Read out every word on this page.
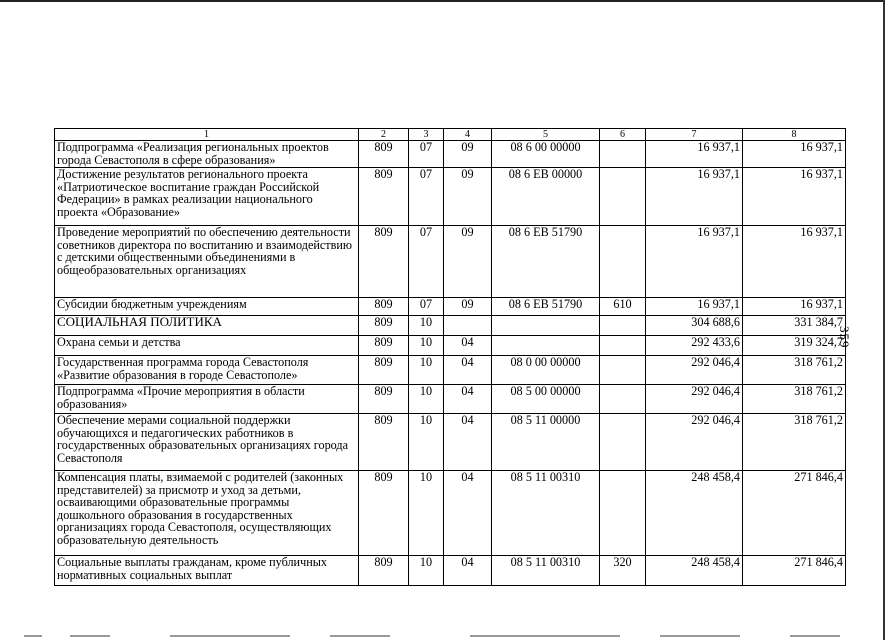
359
1	2	3	4	5	6	7	8
Подпрограмма «Реализация региональных проектов города Севастополя в сфере образования»	809	07	09	08 6 00 00000		16 937,1	16 937,1
Достижение результатов регионального проекта «Патриотическое воспитание граждан Российской Федерации» в рамках реализации национального проекта «Образование»	809	07	09	08 6 EB 00000		16 937,1	16 937,1
Проведение мероприятий по обеспечению деятельности советников директора по воспитанию и взаимодействию с детскими общественными объединениями в общеобразовательных организациях	809	07	09	08 6 EB 51790		16 937,1	16 937,1
Субсидии бюджетным учреждениям	809	07	09	08 6 EB 51790	610	16 937,1	16 937,1
СОЦИАЛЬНАЯ ПОЛИТИКА	809	10				304 688,6	331 384,7
Охрана семьи и детства	809	10	04			292 433,6	319 324,7
Государственная программа города Севастополя «Развитие образования в городе Севастополе»	809	10	04	08 0 00 00000		292 046,4	318 761,2
Подпрограмма «Прочие мероприятия в области образования»	809	10	04	08 5 00 00000		292 046,4	318 761,2
Обеспечение мерами социальной поддержки обучающихся и педагогических работников в государственных образовательных организациях города Севастополя	809	10	04	08 5 11 00000		292 046,4	318 761,2
Компенсация платы, взимаемой с родителей (законных представителей) за присмотр и уход за детьми, осваивающими образовательные программы дошкольного образования в государственных организациях города Севастополя, осуществляющих образовательную деятельность	809	10	04	08 5 11 00310		248 458,4	271 846,4
Социальные выплаты гражданам, кроме публичных нормативных социальных выплат	809	10	04	08 5 11 00310	320	248 458,4	271 846,4
